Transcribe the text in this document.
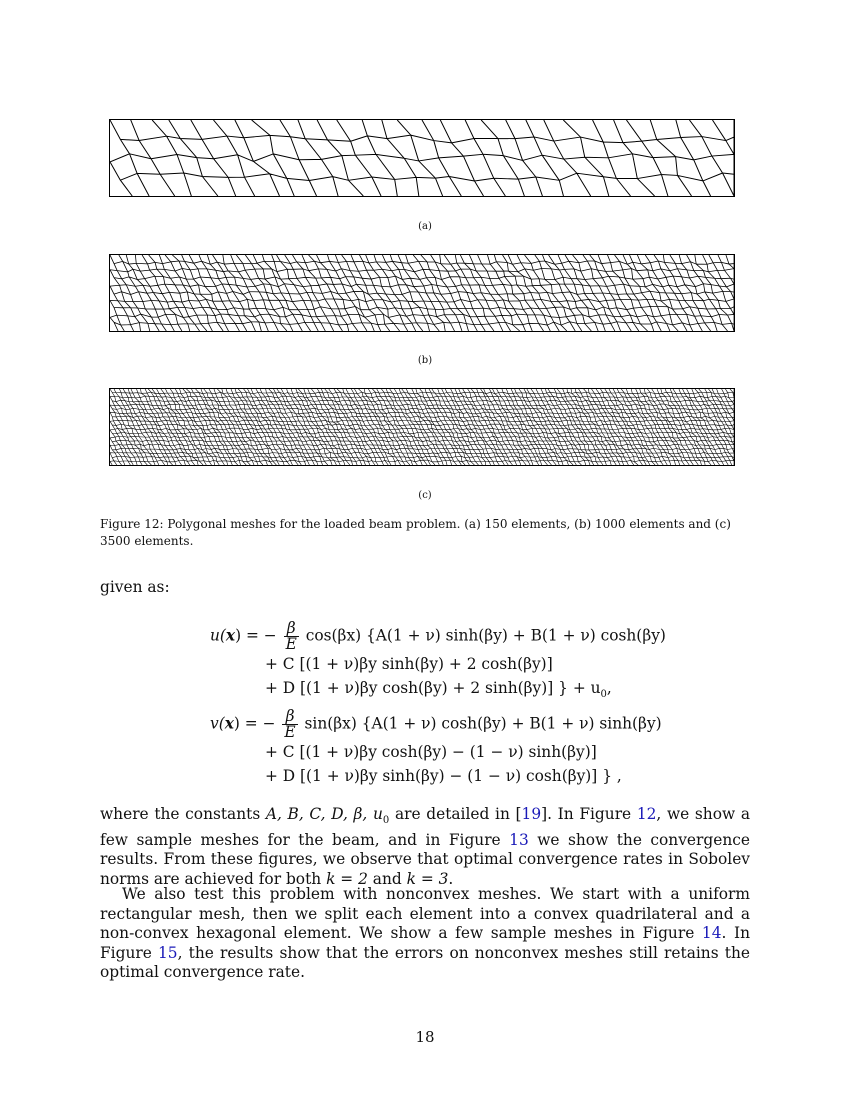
(a)
(b)
(c)
Figure 12: Polygonal meshes for the loaded beam problem. (a) 150 elements, (b) 1000 elements and (c) 3500 elements.
given as:
u(x) = − $\frac{\beta}{E} \cos(\beta x) \{A(1 + \nu) \sinh(\beta y) + B(1 + \nu)$ cosh(βy)
+ C [(1 + ν)βy sinh(βy) + 2 cosh(βy)]
+ D [(1 + ν)βy cosh(βy) + 2 sinh(βy)] } + $u_0$,
v(x) = − $\frac{\beta}{E} \sin(\beta x) \{A(1 + \nu) \cosh(\beta y) + B(1 + \nu)$ sinh(βy)
+ C [(1 + ν)βy cosh(βy) − (1 − ν) sinh(βy)]
+ D [(1 + ν)βy sinh(βy) − (1 − ν) cosh(βy)] } ,
where the constants A, B, C, D, β, $u_0$ are detailed in [19]. In Figure 12, we show a few sample meshes for the beam, and in Figure 13 we show the convergence results. From these figures, we observe that optimal convergence rates in Sobolev norms are achieved for both k = 2 and k = 3.
We also test this problem with nonconvex meshes. We start with a uniform rectangular mesh, then we split each element into a convex quadrilateral and a non-convex hexagonal element. We show a few sample meshes in Figure 14. In Figure 15, the results show that the errors on nonconvex meshes still retains the optimal convergence rate.
18
